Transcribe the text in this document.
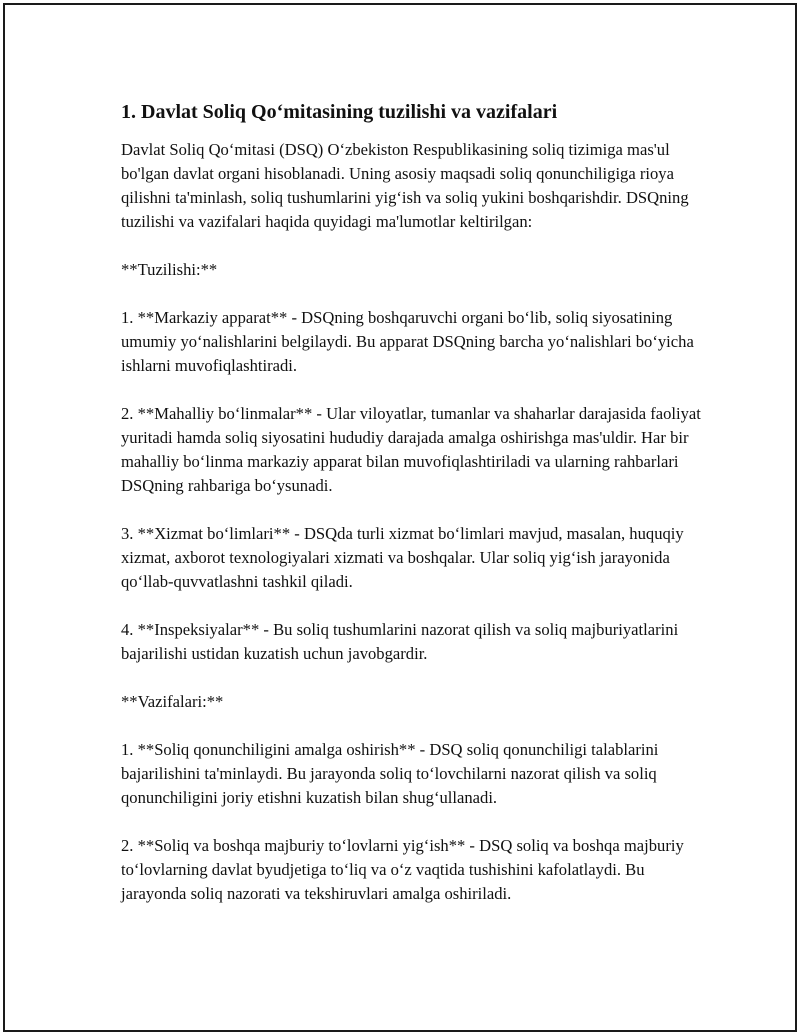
1. Davlat Soliq Qo‘mitasining tuzilishi va vazifalari

Davlat Soliq Qo‘mitasi (DSQ) O‘zbekiston Respublikasining soliq tizimiga mas'ul bo'lgan davlat organi hisoblanadi. Uning asosiy maqsadi soliq qonunchiligiga rioya qilishni ta'minlash, soliq tushumlarini yig‘ish va soliq yukini boshqarishdir. DSQning tuzilishi va vazifalari haqida quyidagi ma'lumotlar keltirilgan:

**Tuzilishi:**

1. **Markaziy apparat** - DSQning boshqaruvchi organi bo‘lib, soliq siyosatining umumiy yo‘nalishlarini belgilaydi. Bu apparat DSQning barcha yo‘nalishlari bo‘yicha ishlarni muvofiqlashtiradi.

2. **Mahalliy bo‘linmalar** - Ular viloyatlar, tumanlar va shaharlar darajasida faoliyat yuritadi hamda soliq siyosatini hududiy darajada amalga oshirishga mas'uldir. Har bir mahalliy bo‘linma markaziy apparat bilan muvofiqlashtiriladi va ularning rahbarlari DSQning rahbariga bo‘ysunadi.

3. **Xizmat bo‘limlari** - DSQda turli xizmat bo‘limlari mavjud, masalan, huquqiy xizmat, axborot texnologiyalari xizmati va boshqalar. Ular soliq yig‘ish jarayonida qo‘llab-quvvatlashni tashkil qiladi.

4. **Inspeksiyalar** - Bu soliq tushumlarini nazorat qilish va soliq majburiyatlarini bajarilishi ustidan kuzatish uchun javobgardir.

**Vazifalari:**

1. **Soliq qonunchiligini amalga oshirish** - DSQ soliq qonunchiligi talablarini bajarilishini ta'minlaydi. Bu jarayonda soliq to‘lovchilarni nazorat qilish va soliq qonunchiligini joriy etishni kuzatish bilan shug‘ullanadi.

2. **Soliq va boshqa majburiy to‘lovlarni yig‘ish** - DSQ soliq va boshqa majburiy to‘lovlarning davlat byudjetiga to‘liq va o‘z vaqtida tushishini kafolatlaydi. Bu jarayonda soliq nazorati va tekshiruvlari amalga oshiriladi.
